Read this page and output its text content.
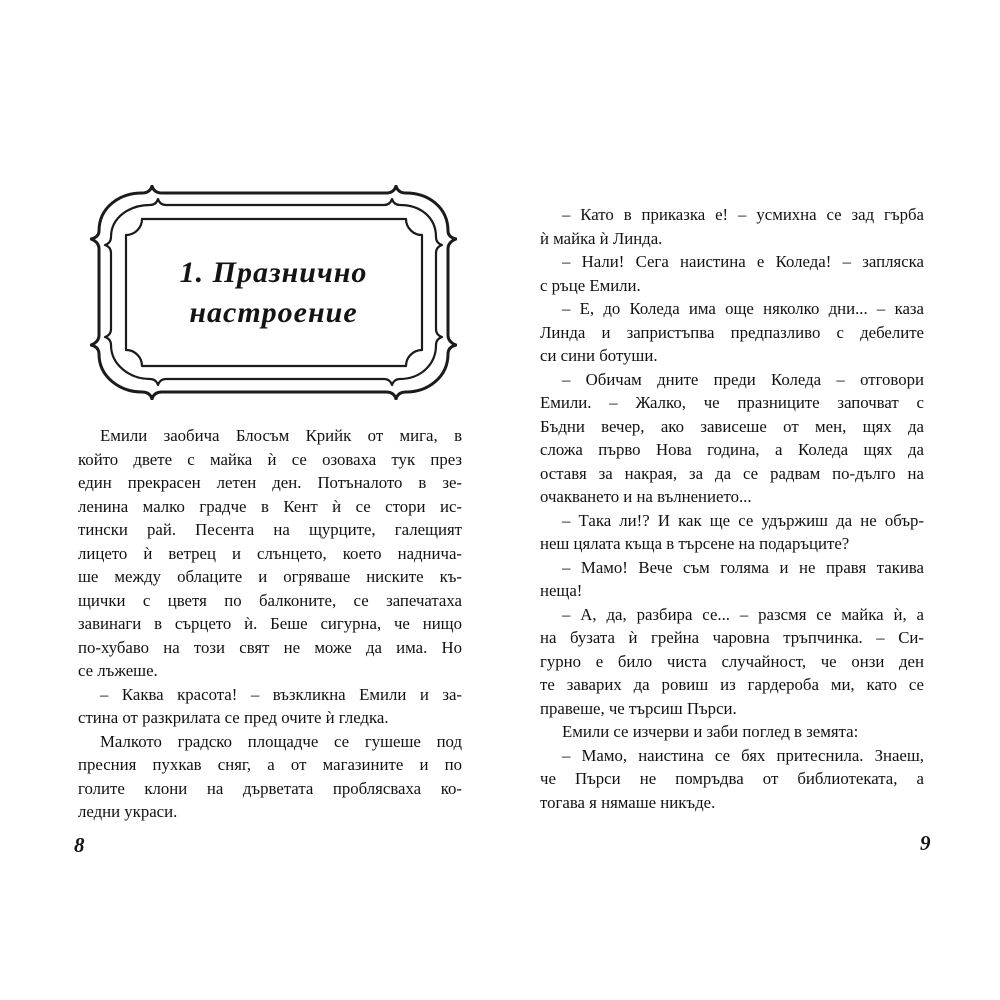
1. Празнично
настроение
Емили заобича Блосъм Крийк от мига, в
който двете с майка ѝ се озоваха тук през
един прекрасен летен ден. Потъналото в зе-
ленина малко градче в Кент ѝ се стори ис-
тински рай. Песента на щурците, галещият
лицето ѝ ветрец и слънцето, което наднича-
ше между облаците и огряваше ниските къ-
щички с цветя по балконите, се запечатаха
завинаги в сърцето ѝ. Беше сигурна, че нищо
по-хубаво на този свят не може да има. Но
се лъжеше.
– Каква красота! – възкликна Емили и за-
стина от разкрилата се пред очите ѝ гледка.
Малкото градско площадче се гушеше под
пресния пухкав сняг, а от магазините и по
голите клони на дърветата проблясваха ко-
ледни украси.
– Като в приказка е! – усмихна се зад гърба
ѝ майка ѝ Линда.
– Нали! Сега наистина е Коледа! – запляска
с ръце Емили.
– Е, до Коледа има още няколко дни... – каза
Линда и запристъпва предпазливо с дебелите
си сини ботуши.
– Обичам дните преди Коледа – отговори
Емили. – Жалко, че празниците започват с
Бъдни вечер, ако зависеше от мен, щях да
сложа първо Нова година, а Коледа щях да
оставя за накрая, за да се радвам по-дълго на
очакването и на вълнението...
– Така ли!? И как ще се удържиш да не обър-
неш цялата къща в търсене на подаръците?
– Мамо! Вече съм голяма и не правя такива
неща!
– А, да, разбира се... – разсмя се майка ѝ, а
на бузата ѝ грейна чаровна тръпчинка. – Си-
гурно е било чиста случайност, че онзи ден
те заварих да ровиш из гардероба ми, като се
правеше, че търсиш Пърси.
Емили се изчерви и заби поглед в земята:
– Мамо, наистина се бях притеснила. Знаеш,
че Пърси не помръдва от библиотеката, а
тогава я нямаше никъде.
8	9
